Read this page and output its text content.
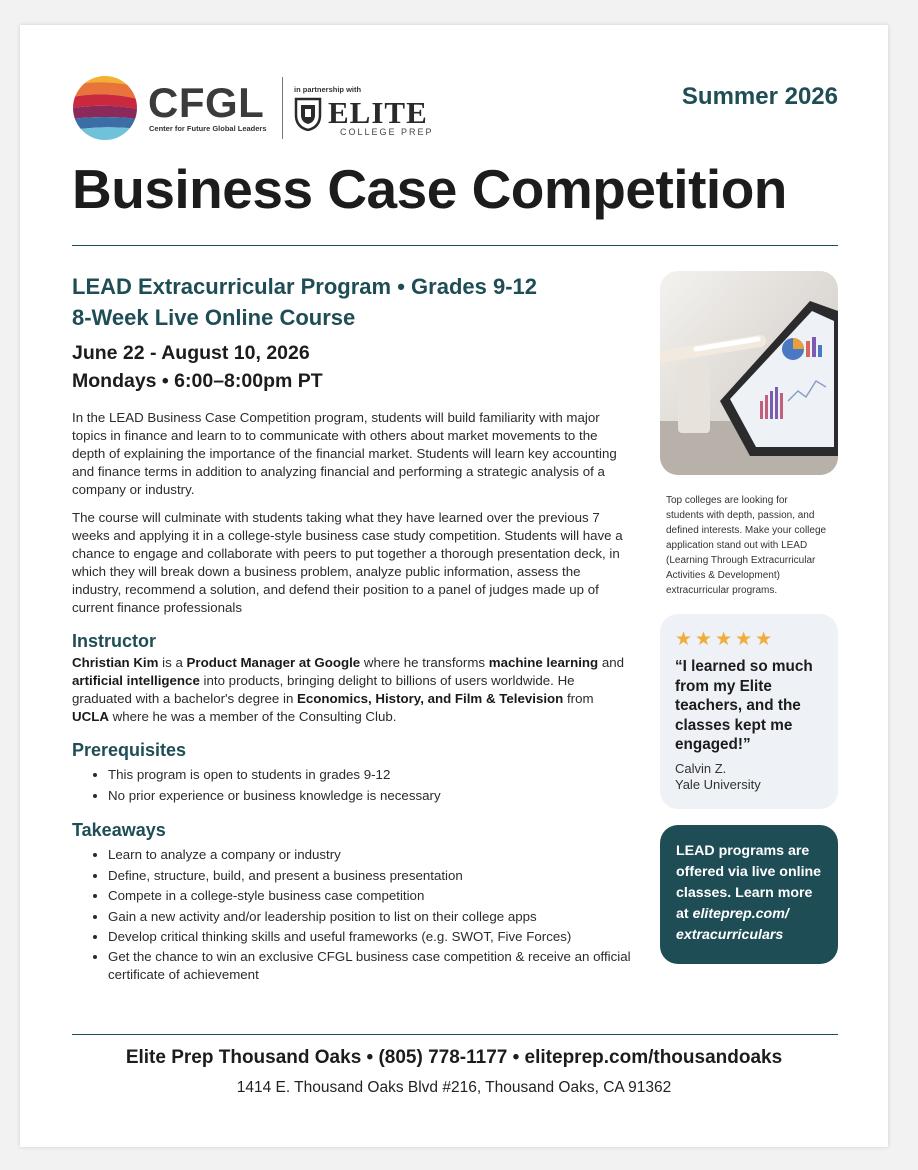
CFGL
Center for Future Global Leaders
in partnership with
ELITE
COLLEGE PREP
Summer 2026
Business Case Competition
LEAD Extracurricular Program • Grades 9-12
8-Week Live Online Course
June 22 - August 10, 2026
Mondays • 6:00–8:00pm PT

In the LEAD Business Case Competition program, students will build familiarity with major topics in finance and learn to to communicate with others about market movements to the depth of explaining the importance of the financial market. Students will learn key accounting and finance terms in addition to analyzing financial and performing a strategic analysis of a company or industry.

The course will culminate with students taking what they have learned over the previous 7 weeks and applying it in a college-style business case study competition. Students will have a chance to engage and collaborate with peers to put together a thorough presentation deck, in which they will break down a business problem, analyze public information, assess the industry, recommend a solution, and defend their position to a panel of judges made up of current finance professionals

Instructor

Christian Kim is a Product Manager at Google where he transforms machine learning and artificial intelligence into products, bringing delight to billions of users worldwide. He graduated with a bachelor's degree in Economics, History, and Film & Television from UCLA where he was a member of the Consulting Club.

Prerequisites
• This program is open to students in grades 9-12
• No prior experience or business knowledge is necessary
Takeaways
• Learn to analyze a company or industry
• Define, structure, build, and present a business presentation
• Compete in a college-style business case competition
• Gain a new activity and/or leadership position to list on their college apps
• Develop critical thinking skills and useful frameworks (e.g. SWOT, Five Forces)
• Get the chance to win an exclusive CFGL business case competition & receive an official certificate of achievement
Top colleges are looking for students with depth, passion, and defined interests. Make your college application stand out with LEAD (Learning Through Extracurricular Activities & Development) extracurricular programs.
★★★★★
“I learned so much from my Elite teachers, and the classes kept me engaged!”
Calvin Z.
Yale University
LEAD programs are offered via live online classes. Learn more at eliteprep.com/ extracurriculars
Elite Prep Thousand Oaks • (805) 778-1177 • eliteprep.com/thousandoaks
1414 E. Thousand Oaks Blvd #216, Thousand Oaks, CA 91362
